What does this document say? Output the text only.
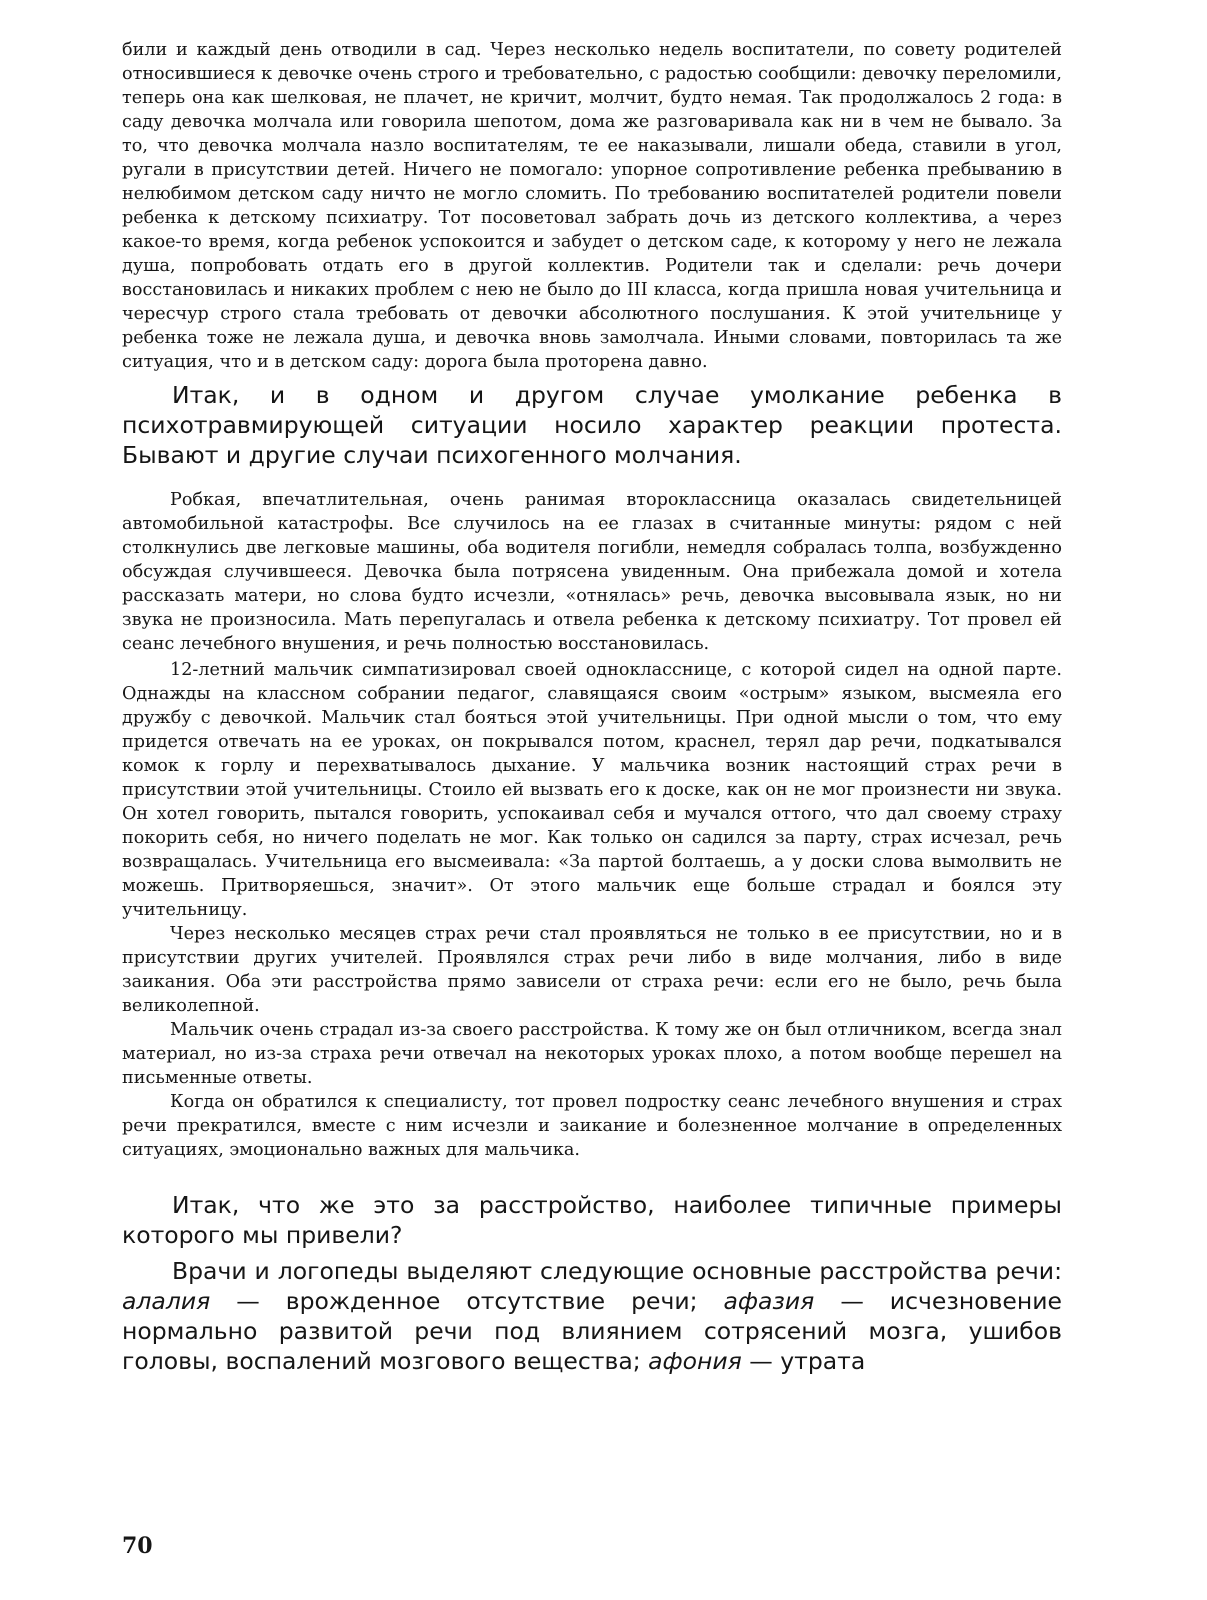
били и каждый день отводили в сад. Через несколько недель воспитатели, по совету родителей относившиеся к девочке очень строго и требовательно, с радостью сообщили: девочку переломили, теперь она как шелковая, не плачет, не кричит, молчит, будто немая. Так продолжалось 2 года: в саду девочка молчала или говорила шепотом, дома же разговаривала как ни в чем не бывало. За то, что девочка молчала назло воспитателям, те ее наказывали, лишали обеда, ставили в угол, ругали в присутствии детей. Ничего не помогало: упорное сопротивление ребенка пребыванию в нелюбимом детском саду ничто не могло сломить. По требованию воспитателей родители повели ребенка к детскому психиатру. Тот посоветовал забрать дочь из детского коллектива, а через какое-то время, когда ребенок успокоится и забудет о детском саде, к которому у него не лежала душа, попробовать отдать его в другой коллектив. Родители так и сделали: речь дочери восстановилась и никаких проблем с нею не было до III класса, когда пришла новая учительница и чересчур строго стала требовать от девочки абсолютного послушания. К этой учительнице у ребенка тоже не лежала душа, и девочка вновь замолчала. Иными словами, повторилась та же ситуация, что и в детском саду: дорога была проторена давно.

Итак, и в одном и другом случае умолкание ребенка в психотравмирующей ситуации носило характер реакции протеста. Бывают и другие случаи психогенного молчания.

Робкая, впечатлительная, очень ранимая второклассница оказалась свидетельницей автомобильной катастрофы. Все случилось на ее глазах в считанные минуты: рядом с ней столкнулись две легковые машины, оба водителя погибли, немедля собралась толпа, возбужденно обсуждая случившееся. Девочка была потрясена увиденным. Она прибежала домой и хотела рассказать матери, но слова будто исчезли, «отнялась» речь, девочка высовывала язык, но ни звука не произносила. Мать перепугалась и отвела ребенка к детскому психиатру. Тот провел ей сеанс лечебного внушения, и речь полностью восстановилась.

12-летний мальчик симпатизировал своей однокласснице, с которой сидел на одной парте. Однажды на классном собрании педагог, славящаяся своим «острым» языком, высмеяла его дружбу с девочкой. Мальчик стал бояться этой учительницы. При одной мысли о том, что ему придется отвечать на ее уроках, он покрывался потом, краснел, терял дар речи, подкатывался комок к горлу и перехватывалось дыхание. У мальчика возник настоящий страх речи в присутствии этой учительницы. Стоило ей вызвать его к доске, как он не мог произнести ни звука. Он хотел говорить, пытался говорить, успокаивал себя и мучался оттого, что дал своему страху покорить себя, но ничего поделать не мог. Как только он садился за парту, страх исчезал, речь возвращалась. Учительница его высмеивала: «За партой болтаешь, а у доски слова вымолвить не можешь. Притворяешься, значит». От этого мальчик еще больше страдал и боялся эту учительницу.

Через несколько месяцев страх речи стал проявляться не только в ее присутствии, но и в присутствии других учителей. Проявлялся страх речи либо в виде молчания, либо в виде заикания. Оба эти расстройства прямо зависели от страха речи: если его не было, речь была великолепной.

Мальчик очень страдал из-за своего расстройства. К тому же он был отличником, всегда знал материал, но из-за страха речи отвечал на некоторых уроках плохо, а потом вообще перешел на письменные ответы.

Когда он обратился к специалисту, тот провел подростку сеанс лечебного внушения и страх речи прекратился, вместе с ним исчезли и заикание и болезненное молчание в определенных ситуациях, эмоционально важных для мальчика.

Итак, что же это за расстройство, наиболее типичные примеры которого мы привели?

Врачи и логопеды выделяют следующие основные расстройства речи: алалия — врожденное отсутствие речи; афазия — исчезновение нормально развитой речи под влиянием сотрясений мозга, ушибов головы, воспалений мозгового вещества; афония — утрата

70
